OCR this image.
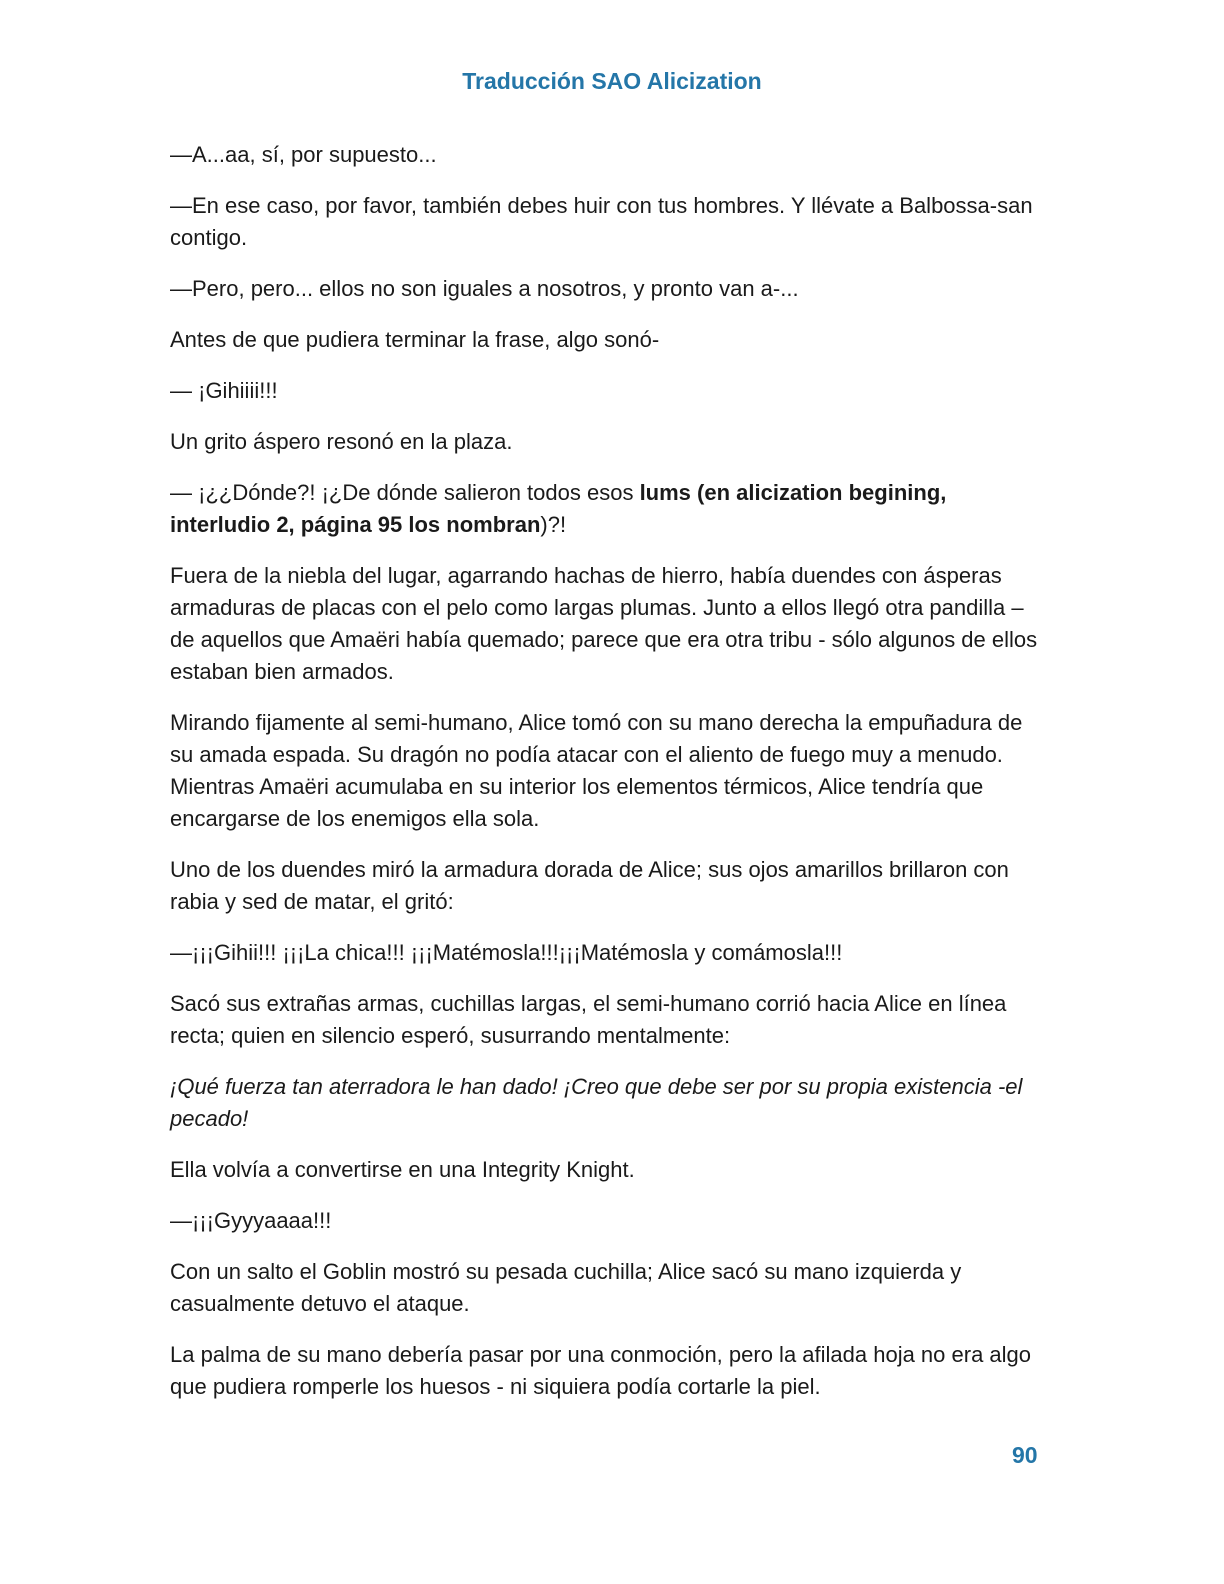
Traducción SAO Alicization

—A...aa, sí, por supuesto...

—En ese caso, por favor, también debes huir con tus hombres. Y llévate a Balbossa-san contigo.

—Pero, pero... ellos no son iguales a nosotros, y pronto van a-...

Antes de que pudiera terminar la frase, algo sonó-

— ¡Gihiiii!!!

Un grito áspero resonó en la plaza.

— ¡¿¿Dónde?! ¡¿De dónde salieron todos esos lums (en alicization begining, interludio 2, página 95 los nombran)?!

Fuera de la niebla del lugar, agarrando hachas de hierro, había duendes con ásperas armaduras de placas con el pelo como largas plumas. Junto a ellos llegó otra pandilla – de aquellos que Amaëri había quemado; parece que era otra tribu - sólo algunos de ellos estaban bien armados.

Mirando fijamente al semi-humano, Alice tomó con su mano derecha la empuñadura de su amada espada. Su dragón no podía atacar con el aliento de fuego muy a menudo. Mientras Amaëri acumulaba en su interior los elementos térmicos, Alice tendría que encargarse de los enemigos ella sola.

Uno de los duendes miró la armadura dorada de Alice; sus ojos amarillos brillaron con rabia y sed de matar, el gritó:

—¡¡¡Gihii!!! ¡¡¡La chica!!! ¡¡¡Matémosla!!!¡¡¡Matémosla y comámosla!!!

Sacó sus extrañas armas, cuchillas largas, el semi-humano corrió hacia Alice en línea recta; quien en silencio esperó, susurrando mentalmente:

¡Qué fuerza tan aterradora le han dado! ¡Creo que debe ser por su propia existencia -el pecado!

Ella volvía a convertirse en una Integrity Knight.

—¡¡¡Gyyyaaaa!!!

Con un salto el Goblin mostró su pesada cuchilla; Alice sacó su mano izquierda y casualmente detuvo el ataque.

La palma de su mano debería pasar por una conmoción, pero la afilada hoja no era algo que pudiera romperle los huesos - ni siquiera podía cortarle la piel.

90
